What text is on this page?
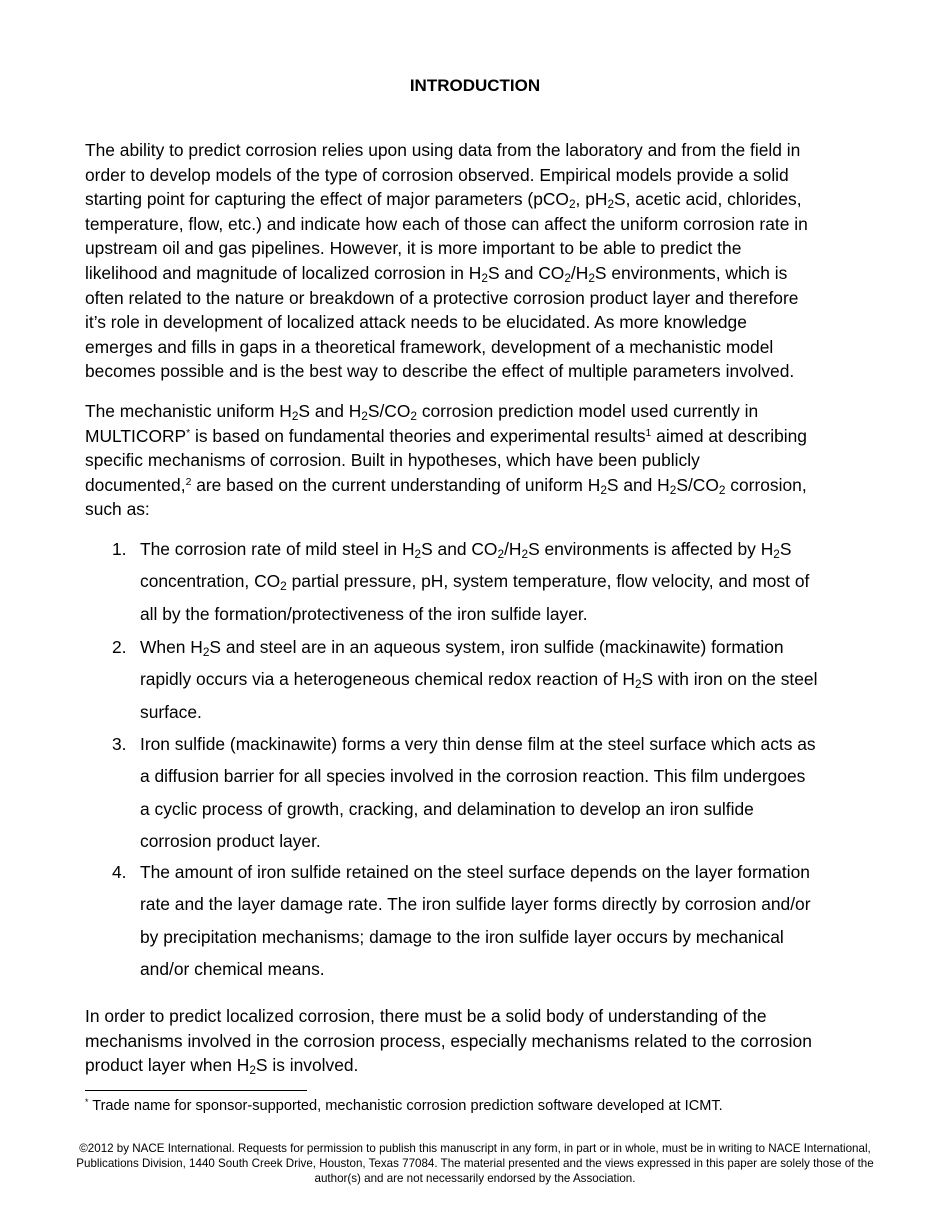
INTRODUCTION
The ability to predict corrosion relies upon using data from the laboratory and from the field in
order to develop models of the type of corrosion observed. Empirical models provide a solid
starting point for capturing the effect of major parameters (pCO$_2$, $pH_2S$, acetic acid, chlorides,
temperature, flow, etc.) and indicate how each of those can affect the uniform corrosion rate in
upstream oil and gas pipelines. However, it is more important to be able to predict the
likelihood and magnitude of localized corrosion in $H_2S$ and $CO_2/H_2S$ environments, which is
often related to the nature or breakdown of a protective corrosion product layer and therefore
it’s role in development of localized attack needs to be elucidated. As more knowledge
emerges and fills in gaps in a theoretical framework, development of a mechanistic model
becomes possible and is the best way to describe the effect of multiple parameters involved.
The mechanistic uniform $H_2S$ and $H_2S/CO_2$ corrosion prediction model used currently in
MULTICORP* is based on fundamental theories and experimental results$^1$ aimed at describing
specific mechanisms of corrosion. Built in hypotheses, which have been publicly
documented,$^2$ are based on the current understanding of uniform $H_2S$ and $H_2S/CO_2$ corrosion,
such as:
1. The corrosion rate of mild steel in $H_2S$ and $CO_2/H_2S$ environments is affected by $H_2S$
concentration, $CO_2$ partial pressure, pH, system temperature, flow velocity, and most of
all by the formation/protectiveness of the iron sulfide layer.
2. When $H_2S$ and steel are in an aqueous system, iron sulfide (mackinawite) formation
rapidly occurs via a heterogeneous chemical redox reaction of $H_2S$ with iron on the steel
surface.
3. Iron sulfide (mackinawite) forms a very thin dense film at the steel surface which acts as
a diffusion barrier for all species involved in the corrosion reaction. This film undergoes
a cyclic process of growth, cracking, and delamination to develop an iron sulfide
corrosion product layer.
4. The amount of iron sulfide retained on the steel surface depends on the layer formation
rate and the layer damage rate. The iron sulfide layer forms directly by corrosion and/or
by precipitation mechanisms; damage to the iron sulfide layer occurs by mechanical
and/or chemical means.
In order to predict localized corrosion, there must be a solid body of understanding of the
mechanisms involved in the corrosion process, especially mechanisms related to the corrosion
product layer when $H_2S$ is involved.
* Trade name for sponsor-supported, mechanistic corrosion prediction software developed at ICMT.
©2012 by NACE International. Requests for permission to publish this manuscript in any form, in part or in whole, must be in writing to NACE International,
Publications Division, 1440 South Creek Drive, Houston, Texas 77084. The material presented and the views expressed in this paper are solely those of the
author(s) and are not necessarily endorsed by the Association.
